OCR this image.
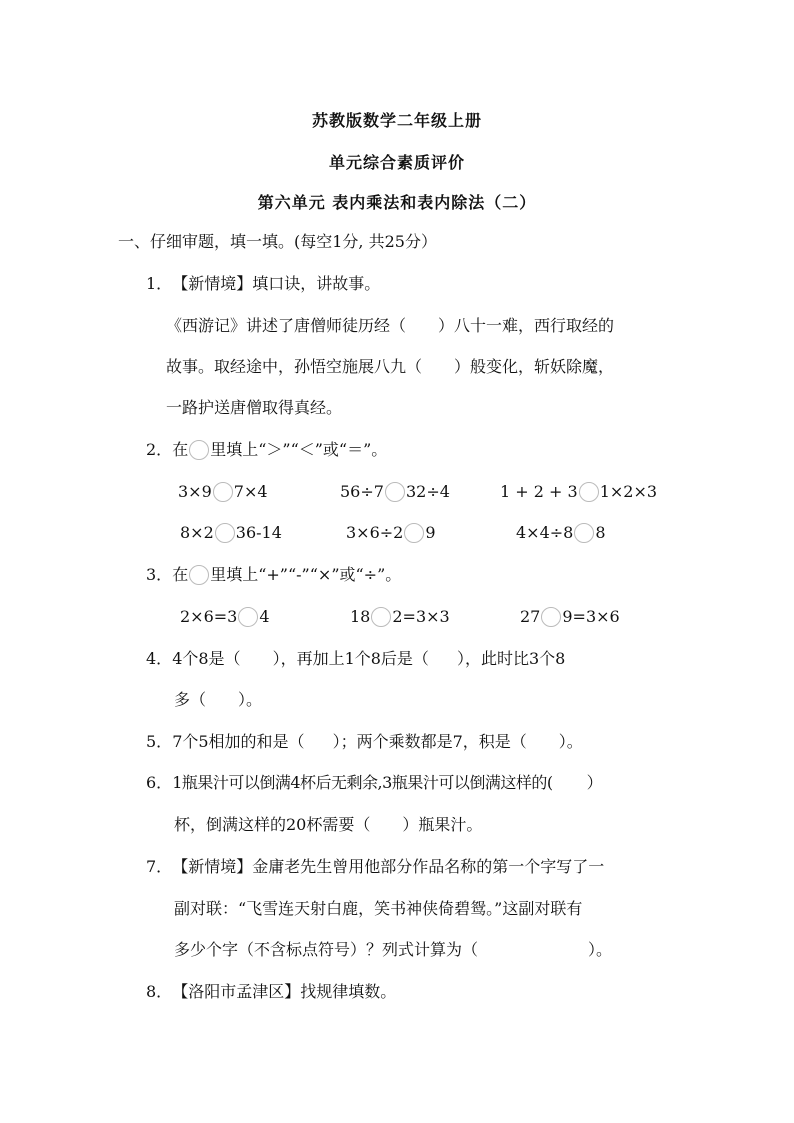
苏教版数学二年级上册
单元综合素质评价
第六单元 表内乘法和表内除法（二）
一、仔细审题，填一填。(每空1分, 共25分）
1． 【新情境】 填口诀，讲故事。
《西游记》讲述了唐僧师徒历经（ ）八十一难，西行取经的
故事。取经途中，孙悟空施展八九（ ）般变化，斩妖除魔，
一路护送唐僧取得真经。
2． 在 里填上“＞”“＜”或“＝”。
3×9 7×4	56÷7 32÷4	1 + 2 + 3 1×2×3
8×2 36-14	3×6÷2 9	4×4÷8 8
3． 在 里填上“+”“-”“×”或“÷”。
2×6=3 4	18 2=3×3	27 9=3×6
4． 4个8是（ ），再加上1个8后是（ ），此时比3个8
多（ ）。
5． 7个5相加的和是（ ）；两个乘数都是7，积是（ ）。
6． 1瓶果汁可以倒满4杯后无剩余,3瓶果汁可以倒满这样的( ）
杯，倒满这样的20杯需要（ ）瓶果汁。
7． 【新情境】 金庸老先生曾用他部分作品名称的第一个字写了一
副对联：“飞雪连天射白鹿，笑书神侠倚碧鸳。”这副对联有
多少个字（不含标点符号）？列式计算为（	）。
8． 【洛阳市孟津区】 找规律填数。
